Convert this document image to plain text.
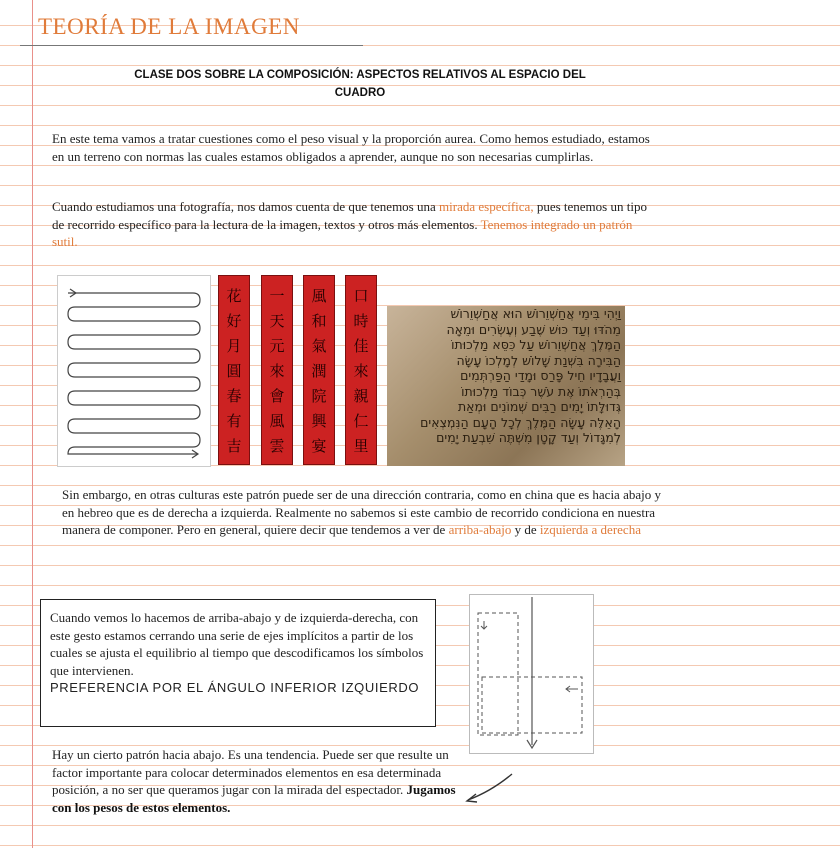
TEORÍA DE LA IMAGEN
CLASE DOS SOBRE LA COMPOSICIÓN: ASPECTOS RELATIVOS AL ESPACIO DEL
CUADRO

En este tema vamos a tratar cuestiones como el peso visual y la proporción aurea. Como hemos estudiado, estamos en un terreno con normas las cuales estamos obligados a aprender, aunque no son necesarias cumplirlas.

Cuando estudiamos una fotografía, nos damos cuenta de que tenemos una mirada específica, pues tenemos un tipo de recorrido específico para la lectura de la imagen, textos y otros más elementos. Tenemos integrado un patrón sutil.

花
好
月
圓
春
有
吉
一
天
元
來
會
風
雲
風
和
氣
潤
院
興
宴
口
時
佳
來
親
仁
里
וַיְהִי בִּימֵי אֲחַשְׁוֵרוֹשׁ הוּא אֲחַשְׁוֵרוֹשׁ
מֵהֹדּוּ וְעַד כּוּשׁ שֶׁבַע וְעֶשְׂרִים וּמֵאָה
הַמֶּלֶךְ אֲחַשְׁוֵרוֹשׁ עַל כִּסֵּא מַלְכוּתוֹ
הַבִּירָה בִּשְׁנַת שָׁלוֹשׁ לְמָלְכוֹ עָשָׂה
וַעֲבָדָיו חֵיל פָּרַס וּמָדַי הַפַּרְתְּמִים
בְּהַרְאֹתוֹ אֶת עֹשֶׁר כְּבוֹד מַלְכוּתוֹ
גְּדוּלָּתוֹ יָמִים רַבִּים שְׁמוֹנִים וּמְאַת
הָאֵלֶּה עָשָׂה הַמֶּלֶךְ לְכָל הָעָם הַנִּמְצְאִים
לְמִגָּדוֹל וְעַד קָטָן מִשְׁתֶּה שִׁבְעַת יָמִים

Sin embargo, en otras culturas este patrón puede ser de una dirección contraria, como en china que es hacia abajo y en hebreo que es de derecha a izquierda. Realmente no sabemos si este cambio de recorrido condiciona en nuestra manera de componer. Pero en general, quiere decir que tendemos a ver de arriba-abajo y de izquierda a derecha

Cuando vemos lo hacemos de arriba-abajo y de izquierda-derecha, con este gesto estamos cerrando una serie de ejes implícitos a partir de los cuales se ajusta el equilibrio al tiempo que descodificamos los símbolos que intervienen.
PREFERENCIA POR EL ÁNGULO INFERIOR IZQUIERDO

Hay un cierto patrón hacia abajo. Es una tendencia. Puede ser que resulte un factor importante para colocar determinados elementos en esa determinada posición, a no ser que queramos jugar con la mirada del espectador. Jugamos con los pesos de estos elementos.
